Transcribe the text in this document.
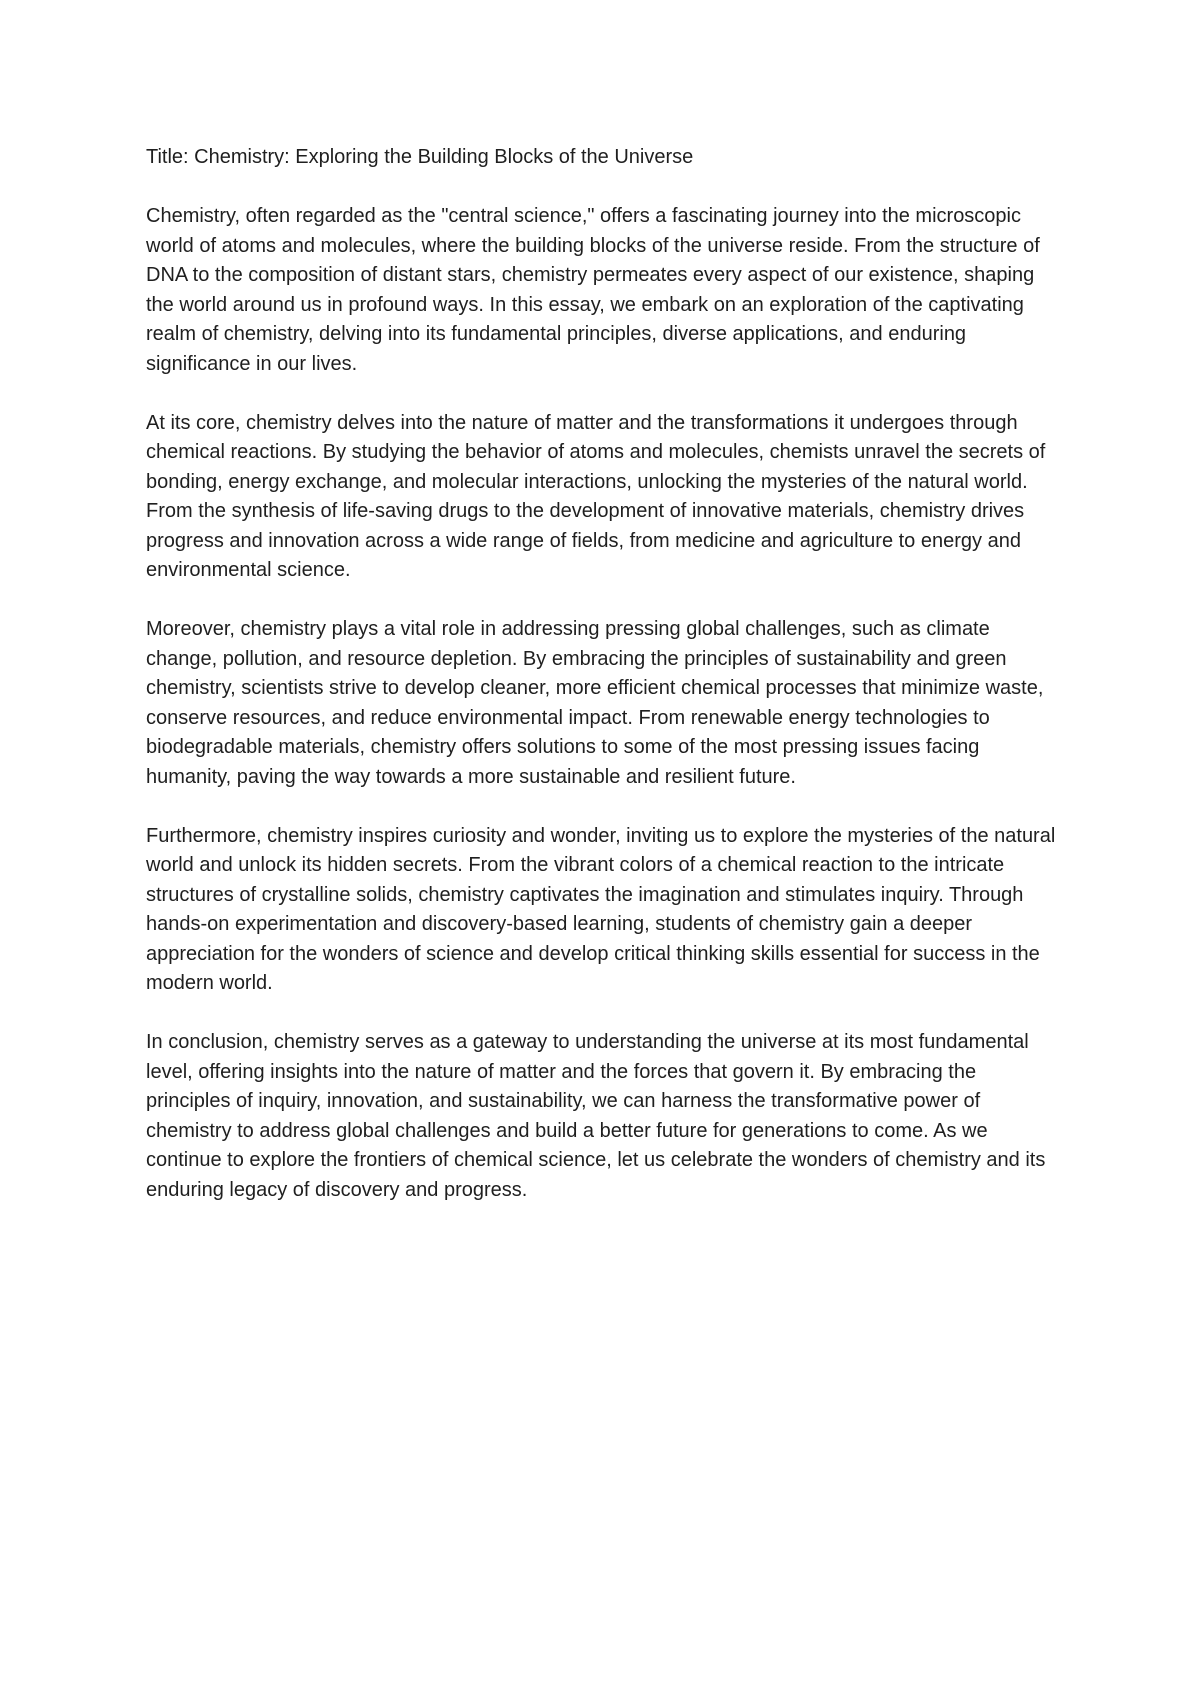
Title: Chemistry: Exploring the Building Blocks of the Universe

Chemistry, often regarded as the "central science," offers a fascinating journey into the microscopic world of atoms and molecules, where the building blocks of the universe reside. From the structure of DNA to the composition of distant stars, chemistry permeates every aspect of our existence, shaping the world around us in profound ways. In this essay, we embark on an exploration of the captivating realm of chemistry, delving into its fundamental principles, diverse applications, and enduring significance in our lives.

At its core, chemistry delves into the nature of matter and the transformations it undergoes through chemical reactions. By studying the behavior of atoms and molecules, chemists unravel the secrets of bonding, energy exchange, and molecular interactions, unlocking the mysteries of the natural world. From the synthesis of life-saving drugs to the development of innovative materials, chemistry drives progress and innovation across a wide range of fields, from medicine and agriculture to energy and environmental science.

Moreover, chemistry plays a vital role in addressing pressing global challenges, such as climate change, pollution, and resource depletion. By embracing the principles of sustainability and green chemistry, scientists strive to develop cleaner, more efficient chemical processes that minimize waste, conserve resources, and reduce environmental impact. From renewable energy technologies to biodegradable materials, chemistry offers solutions to some of the most pressing issues facing humanity, paving the way towards a more sustainable and resilient future.

Furthermore, chemistry inspires curiosity and wonder, inviting us to explore the mysteries of the natural world and unlock its hidden secrets. From the vibrant colors of a chemical reaction to the intricate structures of crystalline solids, chemistry captivates the imagination and stimulates inquiry. Through hands-on experimentation and discovery-based learning, students of chemistry gain a deeper appreciation for the wonders of science and develop critical thinking skills essential for success in the modern world.

In conclusion, chemistry serves as a gateway to understanding the universe at its most fundamental level, offering insights into the nature of matter and the forces that govern it. By embracing the principles of inquiry, innovation, and sustainability, we can harness the transformative power of chemistry to address global challenges and build a better future for generations to come. As we continue to explore the frontiers of chemical science, let us celebrate the wonders of chemistry and its enduring legacy of discovery and progress.
